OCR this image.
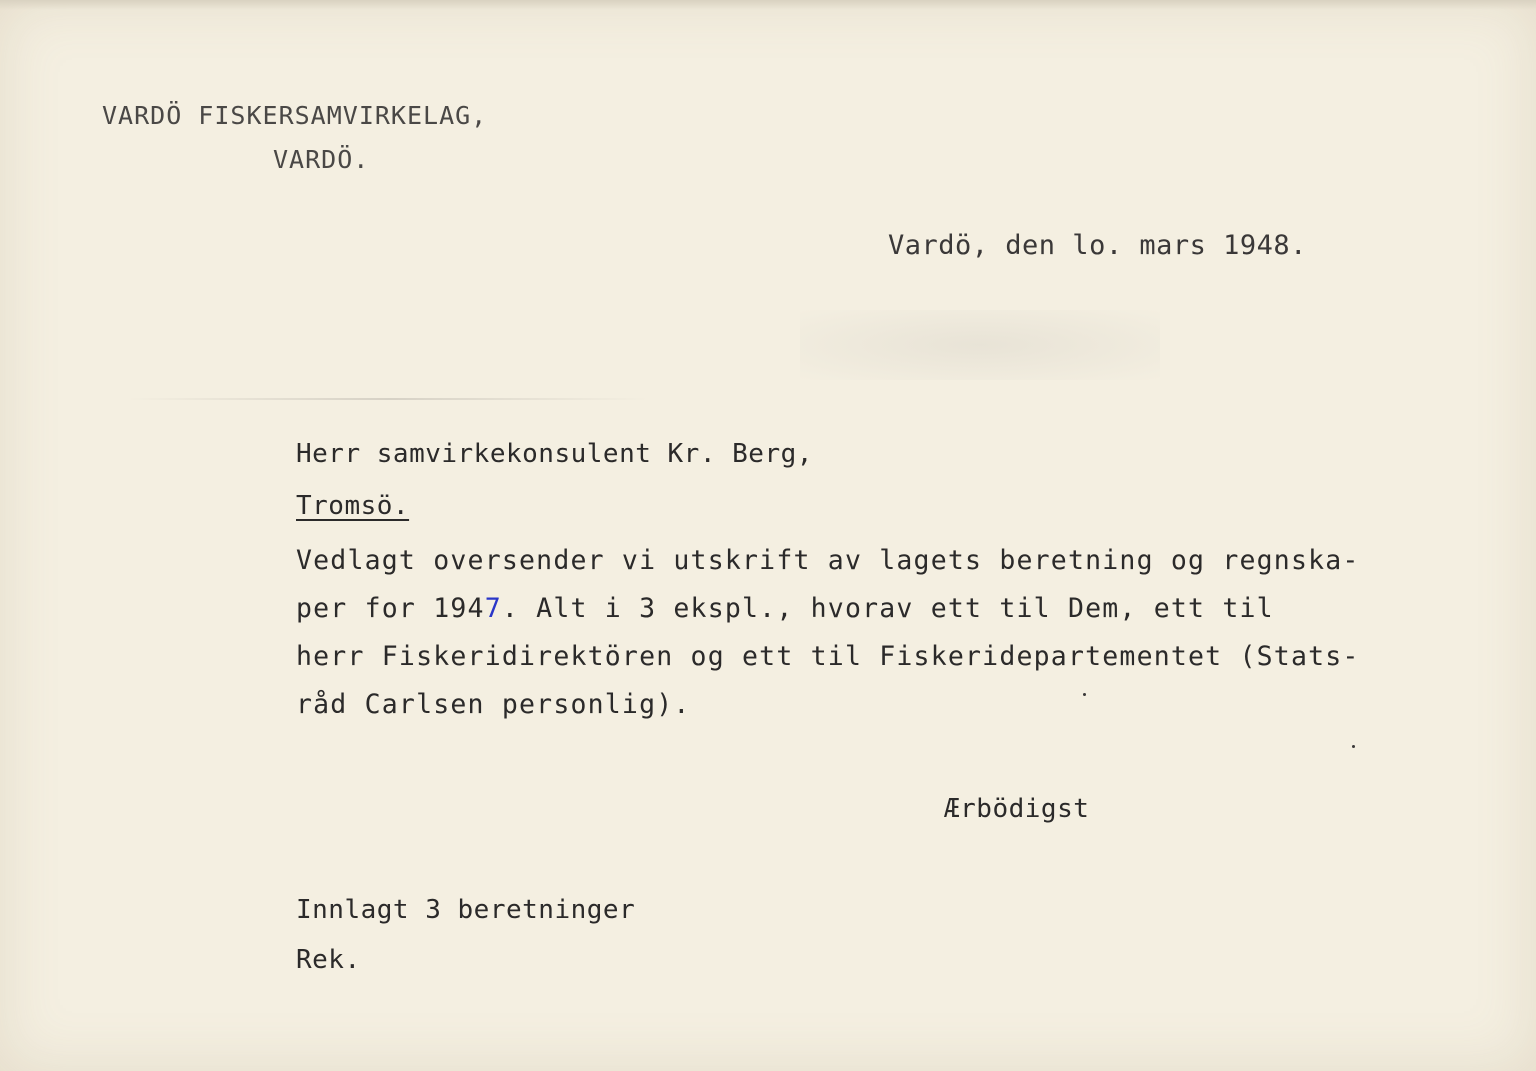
VARDÖ FISKERSAMVIRKELAG,

VARDÖ.

Vardö, den lo. mars 1948.

Herr samvirkekonsulent Kr. Berg,

Tromsö.

Vedlagt oversender vi utskrift av lagets beretning og regnska-

per for 1947. Alt i 3 ekspl., hvorav ett til Dem, ett til

herr Fiskeridirektören og ett til Fiskeridepartementet (Stats-

råd Carlsen personlig).

Ærbödigst

Innlagt 3 beretninger

Rek.
